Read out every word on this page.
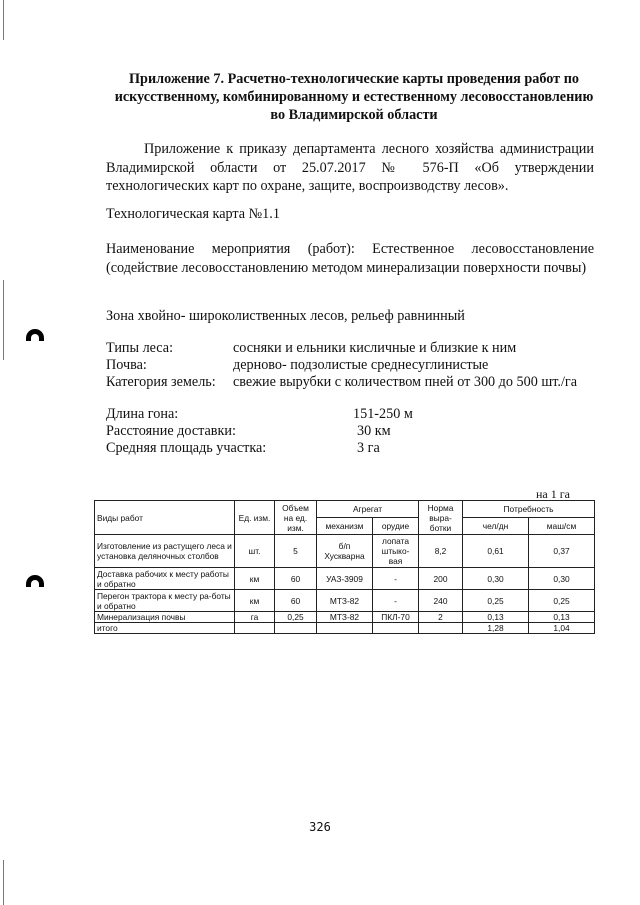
Приложение 7. Расчетно-технологические карты проведения работ по искусственному, комбинированному и естественному лесовосстановлению во Владимирской области
Приложение к приказу департамента лесного хозяйства администрации Владимирской области от 25.07.2017 № 576-П «Об утверждении технологических карт по охране, защите, воспроизводству лесов».
Технологическая карта №1.1
Наименование мероприятия (работ): Естественное лесовосстановление (содействие лесовосстановлению методом минерализации поверхности почвы)
Зона хвойно- широколиственных лесов, рельеф равнинный
Типы леса:	сосняки и ельники кисличные и близкие к ним
Почва:	дерново- подзолистые среднесуглинистые
Категория земель: свежие вырубки с количеством пней от 300 до 500 шт./га
Длина гона:	151-250 м
Расстояние доставки:	30 км
Средняя площадь участка:	3 га
на 1 га
Виды работ	Ед. изм.	Объем на ед. изм.	Агрегат		Норма выра-ботки	Потребность	
			механизм	орудие		чел/дн	маш/см
Изготовление из растущего леса и установка деляночных столбов	шт.	5	б/п Хускварна	лопата штыко-вая	8,2	0,61	0,37
Доставка рабочих к месту работы и обратно	км	60	УАЗ-3909	-	200	0,30	0,30
Перегон трактора к месту ра-боты и обратно	км	60	МТЗ-82	-	240	0,25	0,25
Минерализация почвы	га	0,25	МТЗ-82	ПКЛ-70	2	0,13	0,13
итого						1,28	1,04
326
